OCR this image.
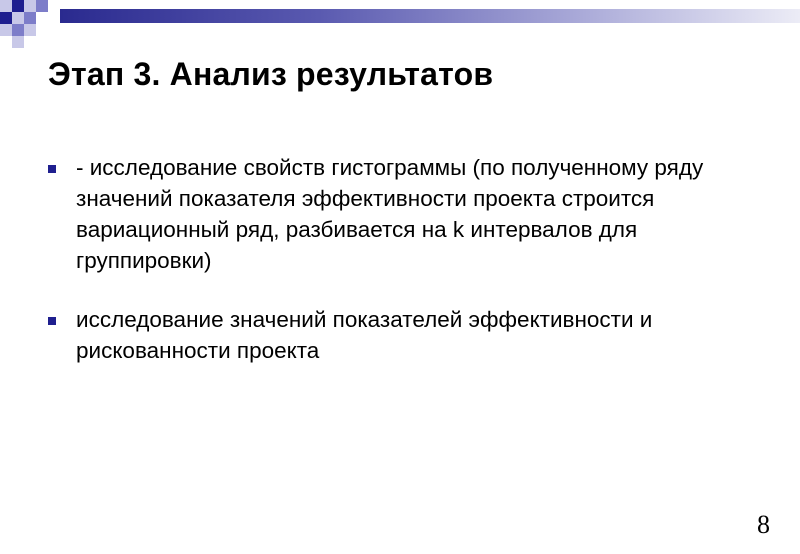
Этап 3. Анализ результатов
- исследование свойств гистограммы (по полученному ряду значений показателя эффективности проекта строится вариационный ряд, разбивается на k интервалов для группировки)
исследование значений показателей эффективности и рискованности проекта
8
